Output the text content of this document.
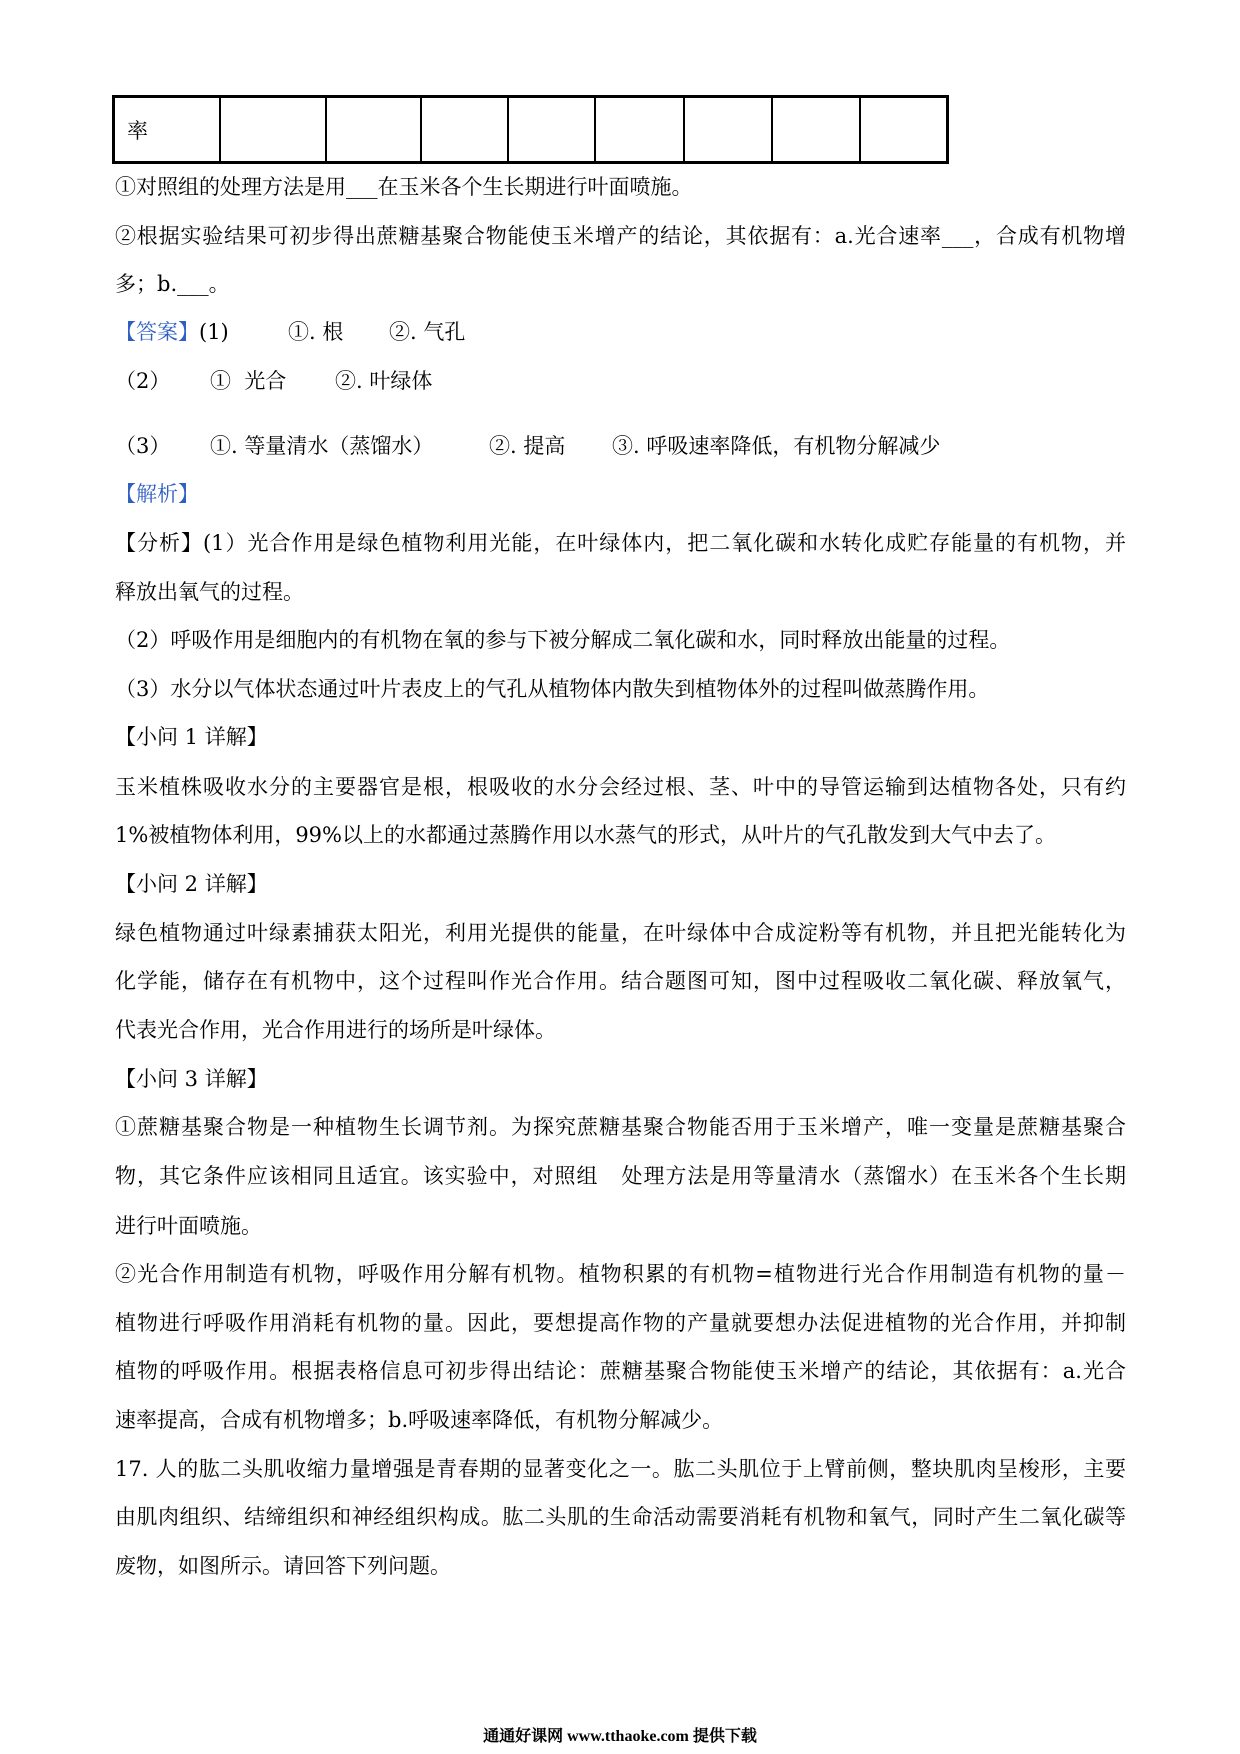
率								
①对照组的处理方法是用___在玉米各个生长期进行叶面喷施。
②根据实验结果可初步得出蔗糖基聚合物能使玉米增产的结论，其依据有：a.光合速率___，合成有机物增
多；b.___。
【答案】(1)	①. 根 ②. 气孔
（2） ①  光合 ②. 叶绿体
（3） ①. 等量清水（蒸馏水）	②. 提高 ③. 呼吸速率降低，有机物分解减少
【解析】
【分析】(1）光合作用是绿色植物利用光能，在叶绿体内，把二氧化碳和水转化成贮存能量的有机物，并
释放出氧气的过程。
（2）呼吸作用是细胞内的有机物在氧的参与下被分解成二氧化碳和水，同时释放出能量的过程。
（3）水分以气体状态通过叶片表皮上的气孔从植物体内散失到植物体外的过程叫做蒸腾作用。
【小问 1 详解】
玉米植株吸收水分的主要器官是根，根吸收的水分会经过根、茎、叶中的导管运输到达植物各处，只有约
1%被植物体利用，99%以上的水都通过蒸腾作用以水蒸气的形式，从叶片的气孔散发到大气中去了。
【小问 2 详解】
绿色植物通过叶绿素捕获太阳光，利用光提供的能量，在叶绿体中合成淀粉等有机物，并且把光能转化为
化学能，储存在有机物中，这个过程叫作光合作用。结合题图可知，图中过程吸收二氧化碳、释放氧气，
代表光合作用，光合作用进行的场所是叶绿体。
【小问 3 详解】
①蔗糖基聚合物是一种植物生长调节剂。为探究蔗糖基聚合物能否用于玉米增产，唯一变量是蔗糖基聚合
物，其它条件应该相同且适宜。该实验中，对照组   处理方法是用等量清水（蒸馏水）在玉米各个生长期
进行叶面喷施。
②光合作用制造有机物，呼吸作用分解有机物。植物积累的有机物=植物进行光合作用制造有机物的量－
植物进行呼吸作用消耗有机物的量。因此，要想提高作物的产量就要想办法促进植物的光合作用，并抑制
植物的呼吸作用。根据表格信息可初步得出结论：蔗糖基聚合物能使玉米增产的结论，其依据有：a.光合
速率提高，合成有机物增多；b.呼吸速率降低，有机物分解减少。
17. 人的肱二头肌收缩力量增强是青春期的显著变化之一。肱二头肌位于上臂前侧，整块肌肉呈梭形，主要
由肌肉组织、结缔组织和神经组织构成。肱二头肌的生命活动需要消耗有机物和氧气，同时产生二氧化碳等
废物，如图所示。请回答下列问题。
通通好课网 www.tthaoke.com 提供下载
